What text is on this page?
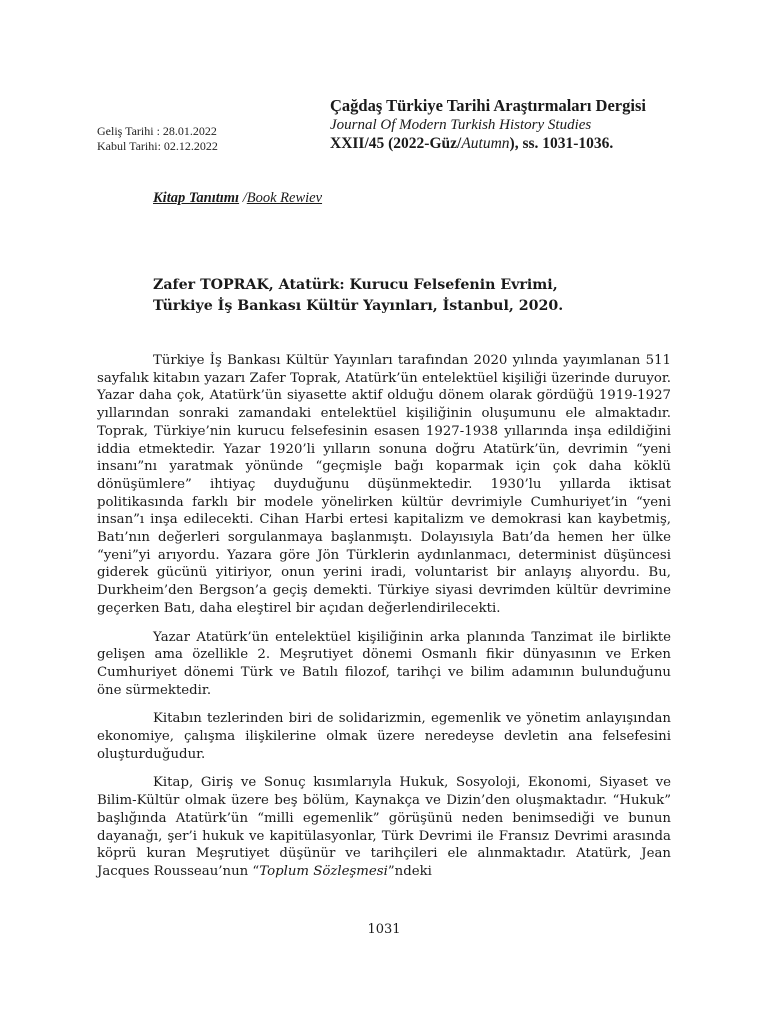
Geliş Tarihi : 28.01.2022
Kabul Tarihi: 02.12.2022
Çağdaş Türkiye Tarihi Araştırmaları Dergisi
Journal Of Modern Turkish History Studies
XXII/45 (2022-Güz/Autumn), ss. 1031-1036.
Kitap Tanıtımı /Book Rewiev
Zafer TOPRAK, Atatürk: Kurucu Felsefenin Evrimi,
Türkiye İş Bankası Kültür Yayınları, İstanbul, 2020.

Türkiye İş Bankası Kültür Yayınları tarafından 2020 yılında yayımlanan 511 sayfalık kitabın yazarı Zafer Toprak, Atatürk’ün entelektüel kişiliği üzerinde duruyor. Yazar daha çok, Atatürk’ün siyasette aktif olduğu dönem olarak gördüğü 1919-1927 yıllarından sonraki zamandaki entelektüel kişiliğinin oluşumunu ele almaktadır. Toprak, Türkiye’nin kurucu felsefesinin esasen 1927-1938 yıllarında inşa edildiğini iddia etmektedir. Yazar 1920’li yılların sonuna doğru Atatürk’ün, devrimin “yeni insanı”nı yaratmak yönünde “geçmişle bağı koparmak için çok daha köklü dönüşümlere” ihtiyaç duyduğunu düşünmektedir. 1930’lu yıllarda iktisat politikasında farklı bir modele yönelirken kültür devrimiyle Cumhuriyet’in “yeni insan”ı inşa edilecekti. Cihan Harbi ertesi kapitalizm ve demokrasi kan kaybetmiş, Batı’nın değerleri sorgulanmaya başlanmıştı. Dolayısıyla Batı’da hemen her ülke “yeni”yi arıyordu. Yazara göre Jön Türklerin aydınlanmacı, determinist düşüncesi giderek gücünü yitiriyor, onun yerini iradi, voluntarist bir anlayış alıyordu. Bu, Durkheim’den Bergson’a geçiş demekti. Türkiye siyasi devrimden kültür devrimine geçerken Batı, daha eleştirel bir açıdan değerlendirilecekti.

Yazar Atatürk’ün entelektüel kişiliğinin arka planında Tanzimat ile birlikte gelişen ama özellikle 2. Meşrutiyet dönemi Osmanlı fikir dünyasının ve Erken Cumhuriyet dönemi Türk ve Batılı filozof, tarihçi ve bilim adamının bulunduğunu öne sürmektedir.

Kitabın tezlerinden biri de solidarizmin, egemenlik ve yönetim anlayışından ekonomiye, çalışma ilişkilerine olmak üzere neredeyse devletin ana felsefesini oluşturduğudur.

Kitap, Giriş ve Sonuç kısımlarıyla Hukuk, Sosyoloji, Ekonomi, Siyaset ve Bilim-Kültür olmak üzere beş bölüm, Kaynakça ve Dizin’den oluşmaktadır. “Hukuk” başlığında Atatürk’ün “milli egemenlik” görüşünü neden benimsediği ve bunun dayanağı, şer’i hukuk ve kapitülasyonlar, Türk Devrimi ile Fransız Devrimi arasında köprü kuran Meşrutiyet düşünür ve tarihçileri ele alınmaktadır. Atatürk, Jean Jacques Rousseau’nun “Toplum Sözleşmesi”ndeki

1031
